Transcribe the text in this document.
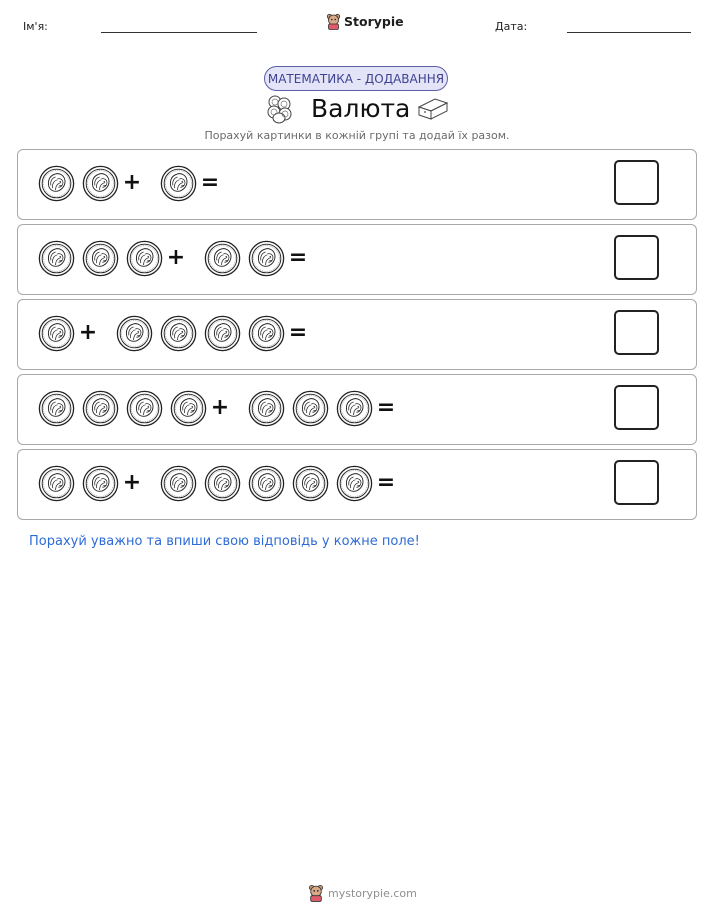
Ім'я:	Дата:
Storypie
МАТЕМАТИКА - ДОДАВАННЯ
Валюта
Порахуй картинки в кожній групі та додай їх разом.
+	=
+	=
+	=
+	=
+	=
Порахуй уважно та впиши свою відповідь у кожне поле!
mystorypie.com
